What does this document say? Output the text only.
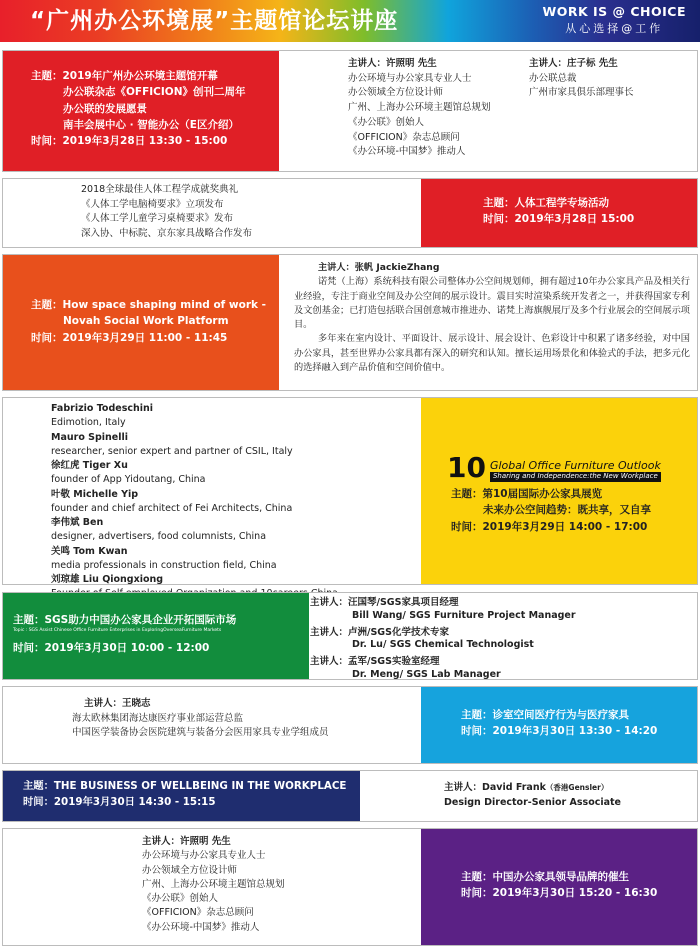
“广州办公环境展”主题馆论坛讲座	WORK IS @ CHOICE
从心选择@工作
主题：2019年广州办公环境主题馆开幕
办公联杂志《OFFICION》创刊二周年
办公联的发展愿景
南丰会展中心 · 智能办公（E区介绍）
时间：2019年3月28日 13:30 - 15:00
主讲人：许照明 先生
办公环境与办公家具专业人士
办公领域全方位设计师
广州、上海办公环境主题馆总规划
《办公联》创始人
《OFFICION》杂志总顾问
《办公环境-中国梦》推动人
主讲人：庄子标 先生
办公联总裁
广州市家具俱乐部理事长
2018全球最佳人体工程学成就奖典礼
《人体工学电脑椅要求》立项发布
《人体工学儿童学习桌椅要求》发布
深入协、中标院、京东家具战略合作发布
主题：人体工程学专场活动
时间：2019年3月28日 15:00
主题：How space shaping mind of work -
Novah Social Work Platform
时间：2019年3月29日 11:00 - 11:45
主讲人：张帆 JackieZhang
诺梵（上海）系统科技有限公司整体办公空间规划师，拥有超过10年办公家具产品及相关行业经验，专注于商业空间及办公空间的展示设计。震目实时渲染系统开发者之一，并获得国家专利及文创基金；已打造包括联合国创意城市推进办、诺梵上海旗舰展厅及多个行业展会的空间展示项目。
多年来在室内设计、平面设计、展示设计、展会设计、色彩设计中积累了诸多经验，对中国办公家具，甚至世界办公家具都有深入的研究和认知。擅长运用场景化和体验式的手法，把多元化的选择融入到产品价值和空间价值中。
Fabrizio Todeschini
Edimotion, Italy
Mauro Spinelli
researcher, senior expert and partner of CSIL, Italy
徐红虎 Tiger Xu
founder of App Yidoutang, China
叶敬 Michelle Yip
founder and chief architect of Fei Architects, China
李伟斌 Ben
designer, advertisers, food columnists, China
关鸣 Tom Kwan
media professionals in construction field, China
刘琼雄 Liu Qiongxiong
10 Global Office Furniture Outlook
Sharing and Independence:the New Workplace
主题：第10届国际办公家具展览
未来办公空间趋势：既共享，又自享
时间：2019年3月29日 14:00 - 17:00
主题：SGS助力中国办公家具企业开拓国际市场
Topic : SGS Assist Chinese Office Furniture Enterprises in ExploringOverseaFurniture Markets
时间：2019年3月30日 10:00 - 12:00
主讲人：汪国琴/SGS家具项目经理
Bill Wang/ SGS Furniture Project Manager
主讲人：卢洲/SGS化学技术专家
Dr. Lu/ SGS Chemical Technologist
主讲人：孟军/SGS实验室经理
Dr. Meng/ SGS Lab Manager
主讲人：王晓志
海太欧林集团海达康医疗事业部运营总监
中国医学装备协会医院建筑与装备分会医用家具专业学组成员
主题：诊室空间医疗行为与医疗家具
时间：2019年3月30日 13:30 - 14:20
主题：THE BUSINESS OF WELLBEING IN THE WORKPLACE
时间：2019年3月30日 14:30 - 15:15
主讲人：David Frank（香港Gensler）
Design Director-Senior Associate
主讲人：许照明 先生
办公环境与办公家具专业人士
办公领域全方位设计师
广州、上海办公环境主题馆总规划
《办公联》创始人
《OFFICION》杂志总顾问
《办公环境-中国梦》推动人
主题：中国办公家具领导品牌的催生
时间：2019年3月30日 15:20 - 16:30
